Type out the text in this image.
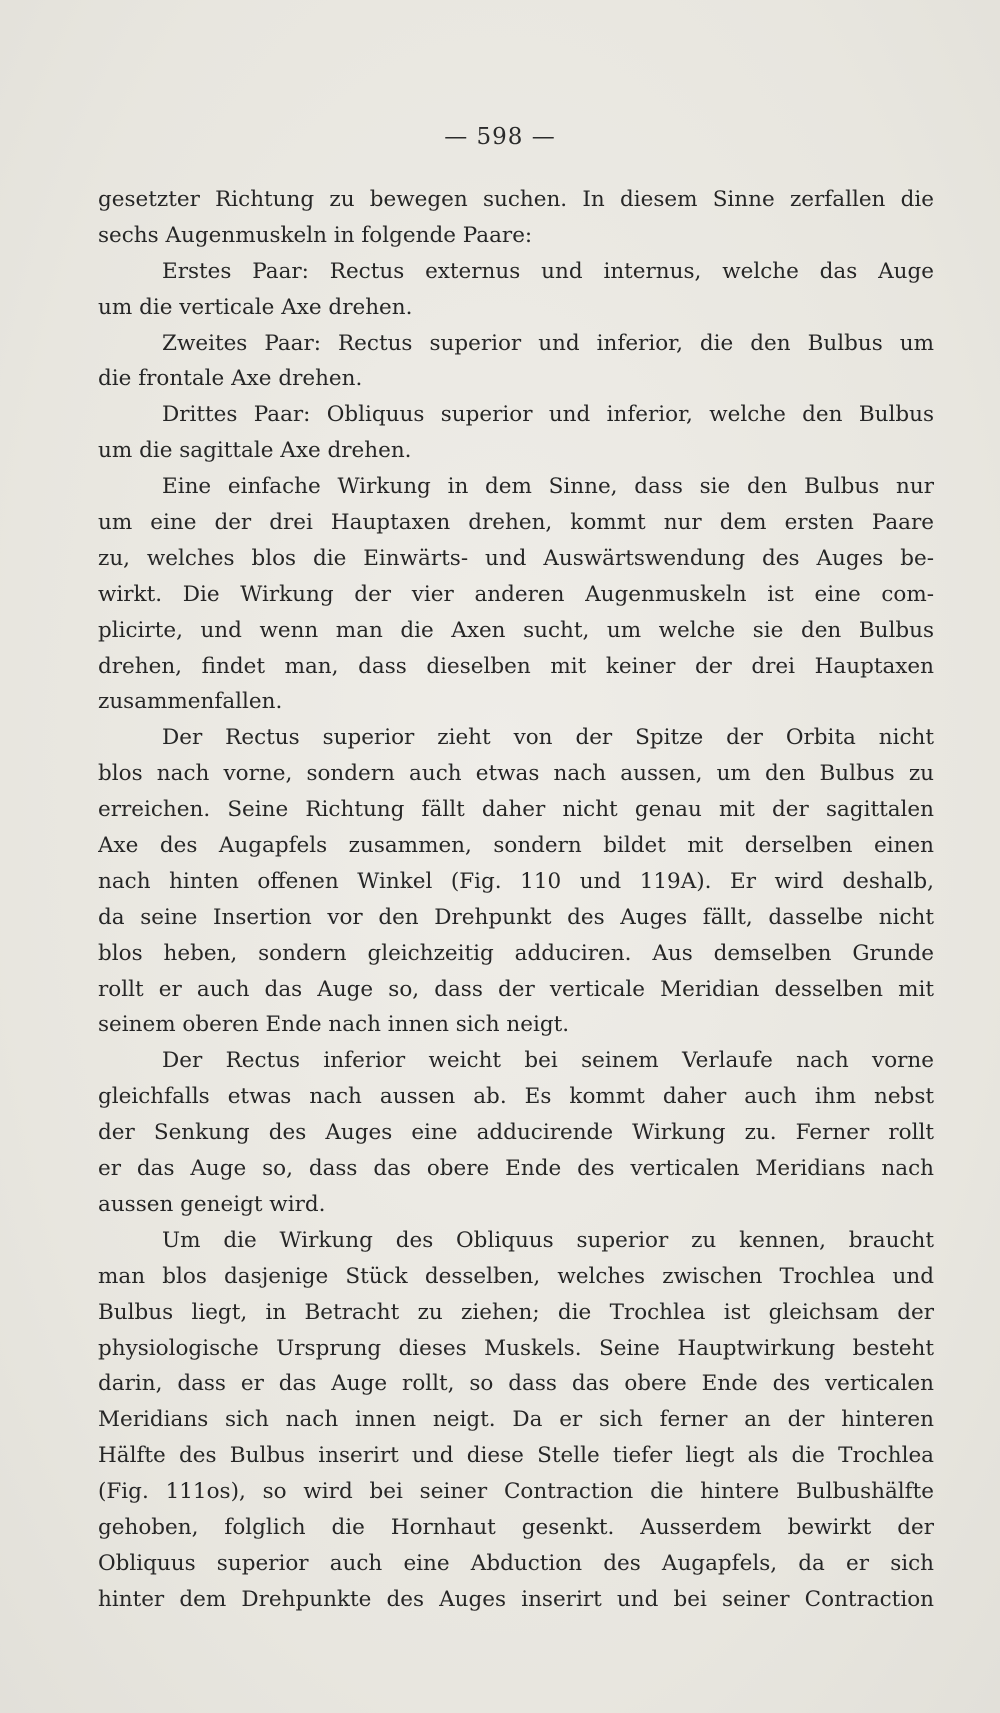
— 598 —
gesetzter Richtung zu bewegen suchen. In diesem Sinne zerfallen die
sechs Augenmuskeln in folgende Paare:
Erstes Paar: Rectus externus und internus, welche das Auge
um die verticale Axe drehen.
Zweites Paar: Rectus superior und inferior, die den Bulbus um
die frontale Axe drehen.
Drittes Paar: Obliquus superior und inferior, welche den Bulbus
um die sagittale Axe drehen.
Eine einfache Wirkung in dem Sinne, dass sie den Bulbus nur
um eine der drei Hauptaxen drehen, kommt nur dem ersten Paare
zu, welches blos die Einwärts- und Auswärtswendung des Auges be-
wirkt. Die Wirkung der vier anderen Augenmuskeln ist eine com-
plicirte, und wenn man die Axen sucht, um welche sie den Bulbus
drehen, findet man, dass dieselben mit keiner der drei Hauptaxen
zusammenfallen.
Der Rectus superior zieht von der Spitze der Orbita nicht
blos nach vorne, sondern auch etwas nach aussen, um den Bulbus zu
erreichen. Seine Richtung fällt daher nicht genau mit der sagittalen
Axe des Augapfels zusammen, sondern bildet mit derselben einen
nach hinten offenen Winkel (Fig. 110 und 119A). Er wird deshalb,
da seine Insertion vor den Drehpunkt des Auges fällt, dasselbe nicht
blos heben, sondern gleichzeitig adduciren. Aus demselben Grunde
rollt er auch das Auge so, dass der verticale Meridian desselben mit
seinem oberen Ende nach innen sich neigt.
Der Rectus inferior weicht bei seinem Verlaufe nach vorne
gleichfalls etwas nach aussen ab. Es kommt daher auch ihm nebst
der Senkung des Auges eine adducirende Wirkung zu. Ferner rollt
er das Auge so, dass das obere Ende des verticalen Meridians nach
aussen geneigt wird.
Um die Wirkung des Obliquus superior zu kennen, braucht
man blos dasjenige Stück desselben, welches zwischen Trochlea und
Bulbus liegt, in Betracht zu ziehen; die Trochlea ist gleichsam der
physiologische Ursprung dieses Muskels. Seine Hauptwirkung besteht
darin, dass er das Auge rollt, so dass das obere Ende des verticalen
Meridians sich nach innen neigt. Da er sich ferner an der hinteren
Hälfte des Bulbus inserirt und diese Stelle tiefer liegt als die Trochlea
(Fig. 111os), so wird bei seiner Contraction die hintere Bulbushälfte
gehoben, folglich die Hornhaut gesenkt. Ausserdem bewirkt der
Obliquus superior auch eine Abduction des Augapfels, da er sich
hinter dem Drehpunkte des Auges inserirt und bei seiner Contraction
